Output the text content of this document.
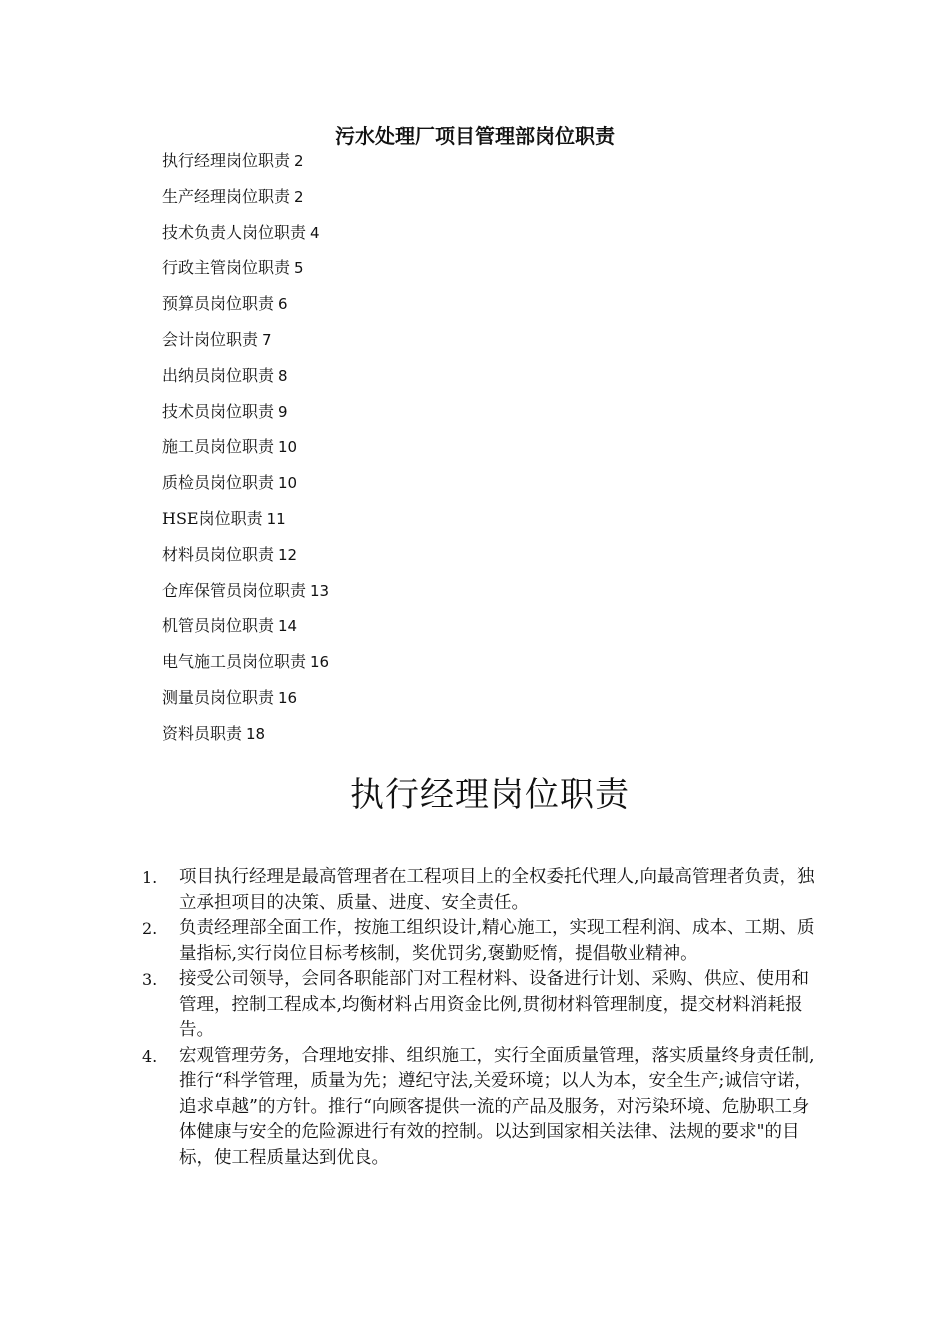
污水处理厂项目管理部岗位职责
执行经理岗位职责 2
生产经理岗位职责 2
技术负责人岗位职责 4
行政主管岗位职责 5
预算员岗位职责 6
会计岗位职责 7
出纳员岗位职责 8
技术员岗位职责 9
施工员岗位职责 10
质检员岗位职责 10
HSE岗位职责 11
材料员岗位职责 12
仓库保管员岗位职责 13
机管员岗位职责 14
电气施工员岗位职责 16
测量员岗位职责 16
资料员职责 18
执行经理岗位职责
1. 项目执行经理是最高管理者在工程项目上的全权委托代理人,向最高管理者负责，独立承担项目的决策、质量、进度、安全责任。
2. 负责经理部全面工作，按施工组织设计,精心施工，实现工程利润、成本、工期、质量指标,实行岗位目标考核制，奖优罚劣,褒勤贬惰，提倡敬业精神。
3. 接受公司领导，会同各职能部门对工程材料、设备进行计划、采购、供应、使用和管理，控制工程成本,均衡材料占用资金比例,贯彻材料管理制度，提交材料消耗报告。
4. 宏观管理劳务，合理地安排、组织施工，实行全面质量管理，落实质量终身责任制,推行“科学管理，质量为先；遵纪守法,关爱环境；以人为本，安全生产;诚信守诺，追求卓越”的方针。推行“向顾客提供一流的产品及服务，对污染环境、危胁职工身体健康与安全的危险源进行有效的控制。以达到国家相关法律、法规的要求"的目标，使工程质量达到优良。
